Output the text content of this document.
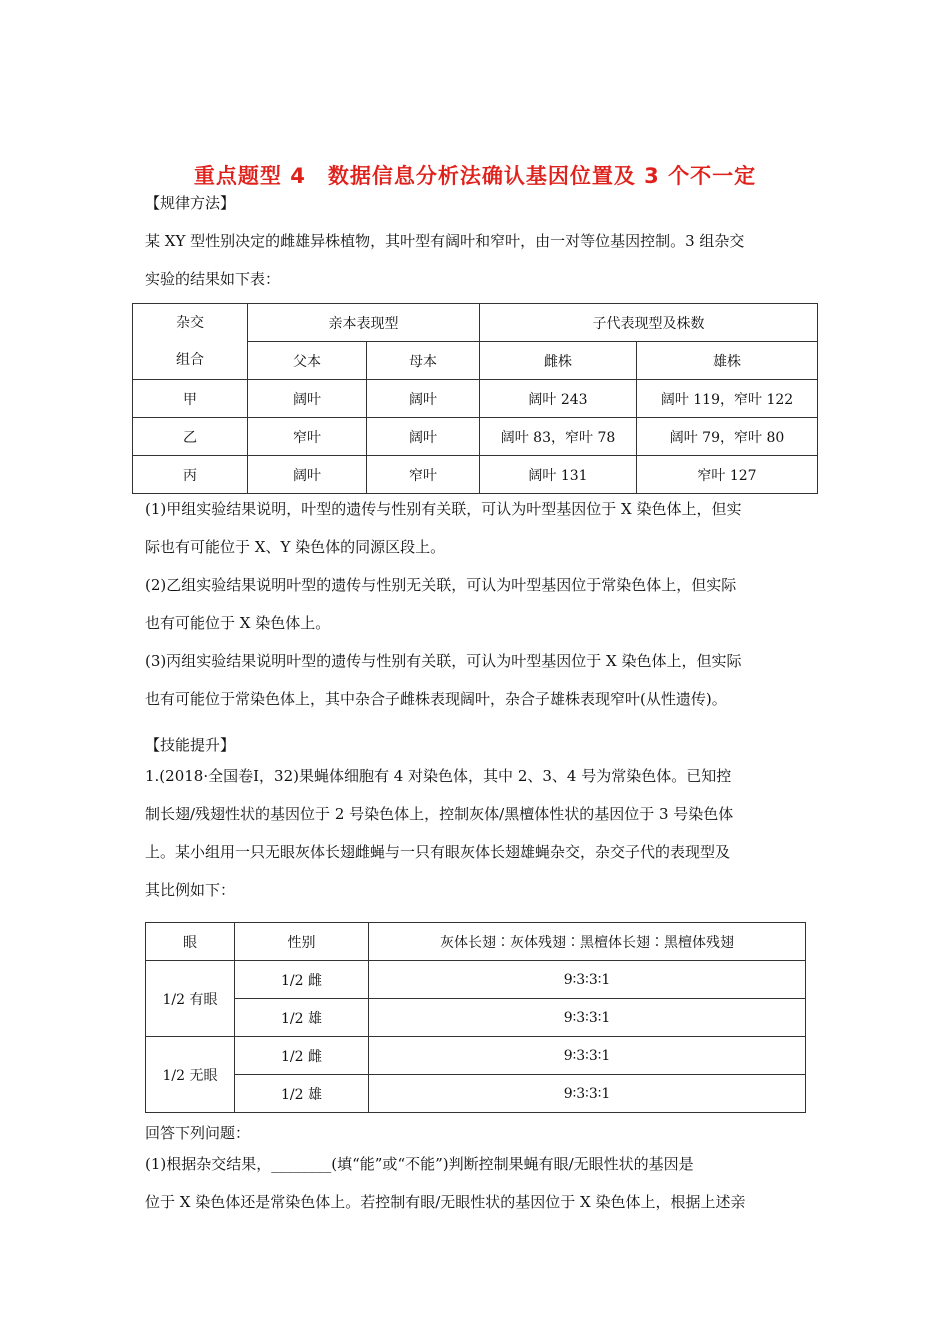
重点题型 4　数据信息分析法确认基因位置及 3 个不一定
【规律方法】
某 XY 型性别决定的雌雄异株植物，其叶型有阔叶和窄叶，由一对等位基因控制。3 组杂交
实验的结果如下表：
杂交
组合	亲本表现型		子代表现型及株数	
	父本	母本	雌株	雄株
甲	阔叶	阔叶	阔叶 243	阔叶 119，窄叶 122
乙	窄叶	阔叶	阔叶 83，窄叶 78	阔叶 79，窄叶 80
丙	阔叶	窄叶	阔叶 131	窄叶 127
(1)甲组实验结果说明，叶型的遗传与性别有关联，可认为叶型基因位于 X 染色体上，但实
际也有可能位于 X、Y 染色体的同源区段上。
(2)乙组实验结果说明叶型的遗传与性别无关联，可认为叶型基因位于常染色体上，但实际
也有可能位于 X 染色体上。
(3)丙组实验结果说明叶型的遗传与性别有关联，可认为叶型基因位于 X 染色体上，但实际
也有可能位于常染色体上，其中杂合子雌株表现阔叶，杂合子雄株表现窄叶(从性遗传)。
【技能提升】
1.(2018·全国卷Ⅰ，32)果蝇体细胞有 4 对染色体，其中 2、3、4 号为常染色体。已知控
制长翅/残翅性状的基因位于 2 号染色体上，控制灰体/黑檀体性状的基因位于 3 号染色体
上。某小组用一只无眼灰体长翅雌蝇与一只有眼灰体长翅雄蝇杂交，杂交子代的表现型及
其比例如下：
眼	性别	灰体长翅∶灰体残翅∶黑檀体长翅∶黑檀体残翅
1/2 有眼	1/2 雌	9∶3∶3∶1
	1/2 雄	9∶3∶3∶1
1/2 无眼	1/2 雌	9∶3∶3∶1
	1/2 雄	9∶3∶3∶1
回答下列问题：
(1)根据杂交结果，________(填“能”或“不能”)判断控制果蝇有眼/无眼性状的基因是
位于 X 染色体还是常染色体上。若控制有眼/无眼性状的基因位于 X 染色体上，根据上述亲
